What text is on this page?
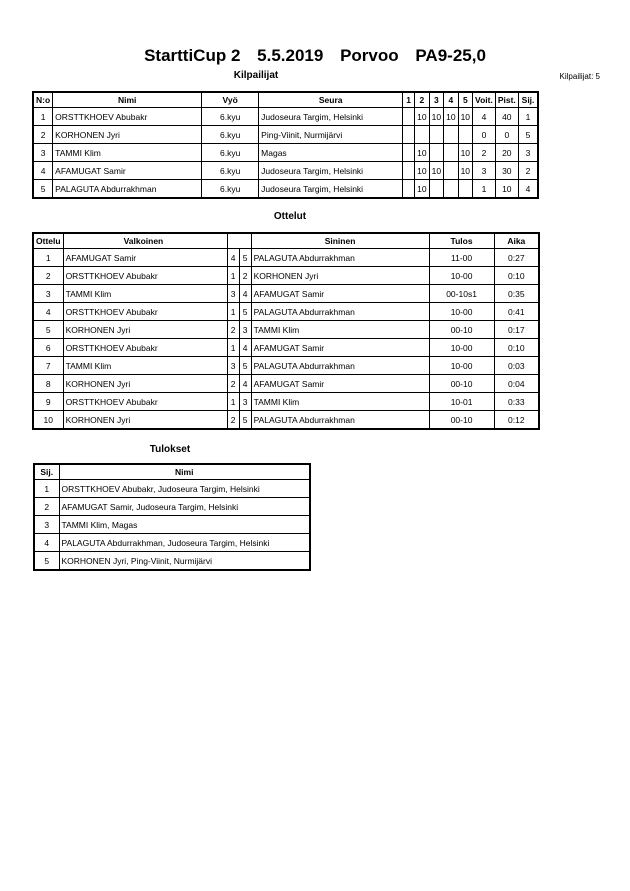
StarttiCup 2 5.5.2019 Porvoo PA9-25,0
Kilpailijat	Kilpailijat: 5
N:o	Nimi	Vyö	Seura	1	2	3	4	5	Voit.	Pist.	Sij.
1	ORSTTKHOEV Abubakr	6.kyu	Judoseura Targim, Helsinki		10	10	10	10	4	40	1
2	KORHONEN Jyri	6.kyu	Ping-Viinit, Nurmijärvi						0	0	5
3	TAMMI Klim	6.kyu	Magas		10			10	2	20	3
4	AFAMUGAT Samir	6.kyu	Judoseura Targim, Helsinki		10	10		10	3	30	2
5	PALAGUTA Abdurrakhman	6.kyu	Judoseura Targim, Helsinki		10				1	10	4
Ottelut
Ottelu	Valkoinen			Sininen	Tulos	Aika
1	AFAMUGAT Samir	4	5	PALAGUTA Abdurrakhman	11-00	0:27
2	ORSTTKHOEV Abubakr	1	2	KORHONEN Jyri	10-00	0:10
3	TAMMI Klim	3	4	AFAMUGAT Samir	00-10s1	0:35
4	ORSTTKHOEV Abubakr	1	5	PALAGUTA Abdurrakhman	10-00	0:41
5	KORHONEN Jyri	2	3	TAMMI Klim	00-10	0:17
6	ORSTTKHOEV Abubakr	1	4	AFAMUGAT Samir	10-00	0:10
7	TAMMI Klim	3	5	PALAGUTA Abdurrakhman	10-00	0:03
8	KORHONEN Jyri	2	4	AFAMUGAT Samir	00-10	0:04
9	ORSTTKHOEV Abubakr	1	3	TAMMI Klim	10-01	0:33
10	KORHONEN Jyri	2	5	PALAGUTA Abdurrakhman	00-10	0:12
Tulokset
Sij.	Nimi
1	ORSTTKHOEV Abubakr, Judoseura Targim, Helsinki
2	AFAMUGAT Samir, Judoseura Targim, Helsinki
3	TAMMI Klim, Magas
4	PALAGUTA Abdurrakhman, Judoseura Targim, Helsinki
5	KORHONEN Jyri, Ping-Viinit, Nurmijärvi
